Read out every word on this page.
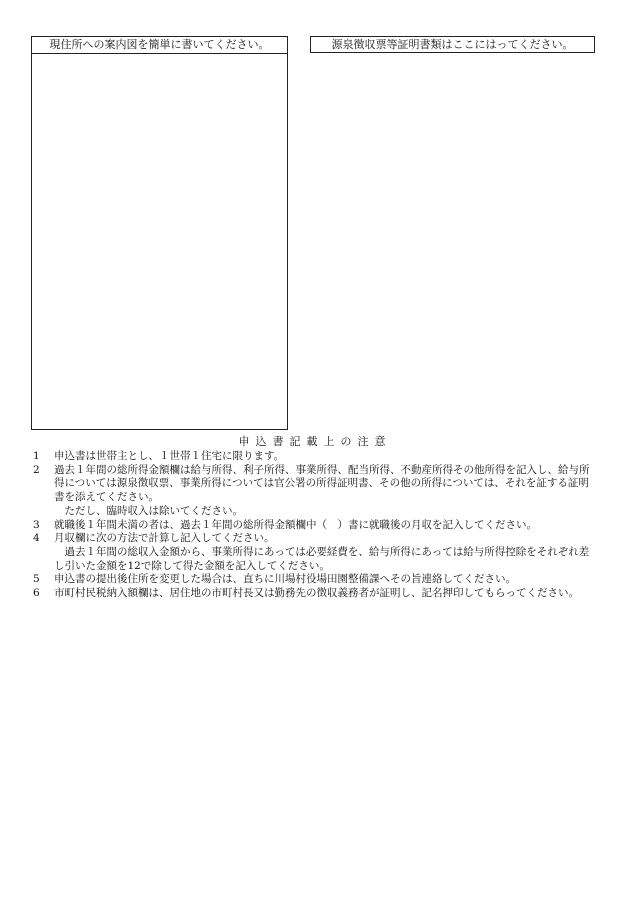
現住所への案内図を簡単に書いてください。	源泉徴収票等証明書類はここにはってください。
申込書記載上の注意
1	申込書は世帯主とし、１世帯１住宅に限ります。
2	過去１年間の総所得金額欄は給与所得、利子所得、事業所得、配当所得、不動産所得その他所得を記入し、給与所得については源泉徴収票、事業所得については官公署の所得証明書、その他の所得については、それを証する証明書を添えてください。
ただし、臨時収入は除いてください。
3	就職後１年間未満の者は、過去１年間の総所得金額欄中（　）書に就職後の月収を記入してください。
4	月収欄に次の方法で計算し記入してください。
過去１年間の総収入金額から、事業所得にあっては必要経費を、給与所得にあっては給与所得控除をそれぞれ差し引いた金額を12で除して得た金額を記入してください。
5	申込書の提出後住所を変更した場合は、直ちに川場村役場田園整備課へその旨連絡してください。
6	市町村民税納入額欄は、居住地の市町村長又は勤務先の徴収義務者が証明し、記名押印してもらってください。
